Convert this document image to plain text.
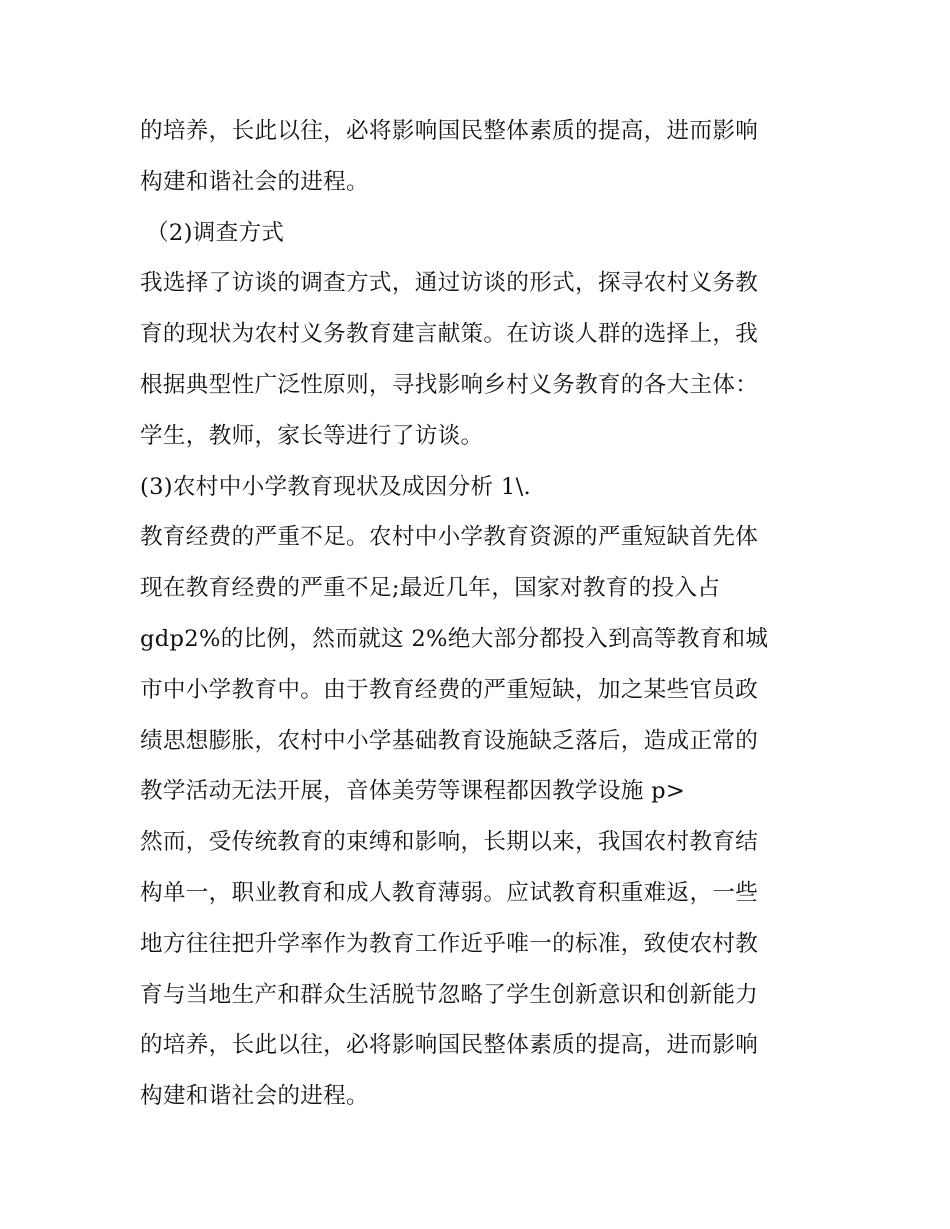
的培养，长此以往，必将影响国民整体素质的提高，进而影响
构建和谐社会的进程。
（2)调查方式
我选择了访谈的调查方式，通过访谈的形式，探寻农村义务教
育的现状为农村义务教育建言献策。在访谈人群的选择上，我
根据典型性广泛性原则，寻找影响乡村义务教育的各大主体：
学生，教师，家长等进行了访谈。
(3)农村中小学教育现状及成因分析 1\.
教育经费的严重不足。农村中小学教育资源的严重短缺首先体
现在教育经费的严重不足;最近几年，国家对教育的投入占
gdp2%的比例，然而就这 2%绝大部分都投入到高等教育和城
市中小学教育中。由于教育经费的严重短缺，加之某些官员政
绩思想膨胀，农村中小学基础教育设施缺乏落后，造成正常的
教学活动无法开展，音体美劳等课程都因教学设施 p>
然而，受传统教育的束缚和影响，长期以来，我国农村教育结
构单一，职业教育和成人教育薄弱。应试教育积重难返，一些
地方往往把升学率作为教育工作近乎唯一的标准，致使农村教
育与当地生产和群众生活脱节忽略了学生创新意识和创新能力
的培养，长此以往，必将影响国民整体素质的提高，进而影响
构建和谐社会的进程。
